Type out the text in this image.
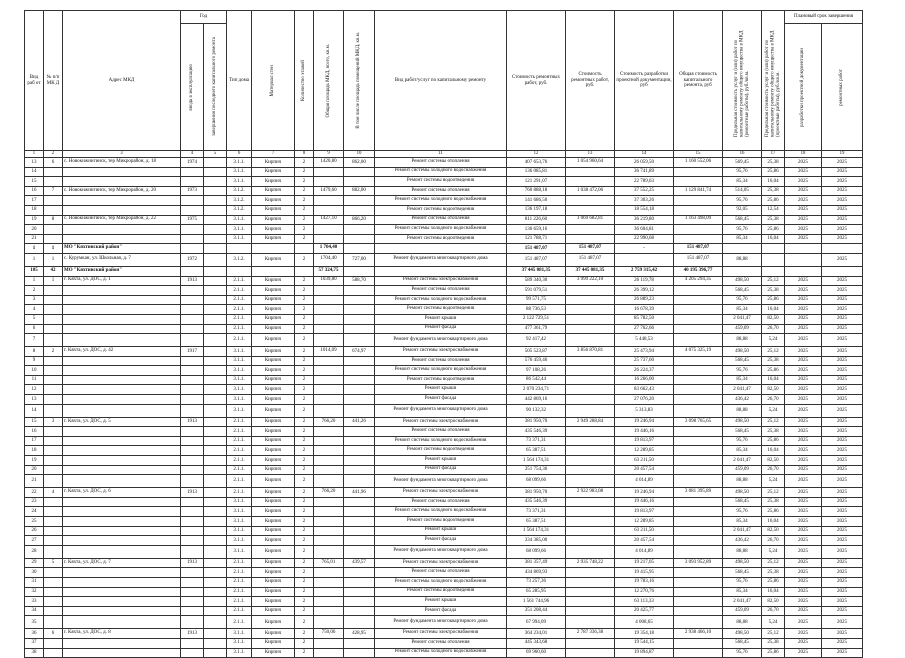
Вид раб от	№ п/п МК Д	Адрес МКД	Год		Тип дома	Материал стен	Количество этажей	Общая площадь МКД, всего, кв.м.	В том числе площадь помещений МКД, кв.м.	Вид работ/услуг по капитальному ремонту	Стоимость ремонтных работ, руб.	Стоимость ремонтных работ, руб.	Стоимость разработки проектной документации, руб	Общая стоимость капитального ремонта, руб	Предельная стоимость услуг и (или) работ по капитальному ремонту общего имущества в МКД (ремонтные работы), руб./кв.м.	Предельная стоимость услуг и (или) работ по капитальному ремонту общего имущества в МКД (проектные работы), руб./кв.м.	Плановый срок завершения	

			ввода в эксплуатацию	завершения последнего капитального ремонта													разработки проектной документации	ремонтных работ

1	2	3	4	5	6	7	8	9	10	11	12	13	14	15	16	17	18	19
13	6	с. Новокижингинск, тер Микрорайон, д. 18	1974		3.1.1.	Кирпич	2	1420,80	862,00	Ремонт системы отопления	407 653,76	1 054 960,64	26 059,50	1 160 552,06	569,45	25,38	2025	2025
14					3.1.1.	Кирпич	2			Ремонт системы холодного водоснабжения	136 085,81		36 741,89		95,76	25,86	2025	2025
15					3.1.1.	Кирпич	2			Ремонт системы водоотведения	121 291,07		22 789,63		85,34	16,04	2025	2025
16	7	с. Новокижингинск, тер Микрорайон, д. 20	1973		3.1.2.	Кирпич	2	1479,60	882,00	Ремонт системы отопления	760 888,18	1 038 472,06	37 552,25	1 129 841,74	514,05	25,38	2025	2025
17					3.1.2.	Кирпич	2			Ремонт системы холодного водоснабжения	141 686,50		37 303,26		95,76	25,86	2025	2025
18					3.1.2.	Кирпич	2			Ремонт системы водоотведения	136 197,18		18 554,18		92,05	12,54	2025	2025
19	8	с. Новокижингинск, тер Микрорайон, д. 22	1975		3.1.1.	Кирпич	2	1427,10	866,20	Ремонт системы отопления	811 226,60	1 069 682,81	36 219,80	1 163 498,09	568,45	25,38	2025	2025
20					3.1.1.	Кирпич	2			Ремонт системы холодного водоснабжения	136 659,16		36 604,81		95,76	25,86	2025	2025
21					3.1.1.	Кирпич	2			Ремонт системы водоотведения	121 788,71		22 990,68		85,34	16,04	2025	2025
1	1	МО "Кяхтинский район"						1 704,40			151 487,07	151 487,07	-	151 487,07				
1	1	с. Курумкан, ул. Школьная, д. 7	1972		3.1.2.	Кирпич	2	1704,40	727,00	Ремонт фундамента многоквартирного дома	151 487,07	151 487,07		151 487,07	88,88			2025
105	42	МО "Кяхтинский район"						57 324,75			37 445 081,35	37 445 081,35	2 759 315,42	40 195 396,77				
1	1	г. Кяхта, ул. ДОС, д. 1	1913		2.1.1.	Кирпич	2	1039,80	588,70	Ремонт системы электроснабжения	589 340,30	3 999 222,10	26 119,78	4 205 294,35	498,50	25,12	2025	2025
2					2.1.1.	Кирпич	2			Ремонт системы отопления	591 079,51		26 399,12		568,45	25,38	2025	2025
3					2.1.1.	Кирпич	2			Ремонт системы холодного водоснабжения	99 571,75		26 889,23		95,76	25,86	2025	2025
4					2.1.1.	Кирпич	2			Ремонт системы водоотведения	88 736,53		16 678,39		85,34	16,04	2025	2025
5					2.1.1.	Кирпич	2			Ремонт крыши	2 122 729,51		85 782,50		2 041,47	82,50	2025	2025
6					2.1.1.	Кирпич	2			Ремонт фасада	477 361,79		27 762,66		459,09	26,70	2025	2025
7					2.1.1.	Кирпич	2			Ремонт фундамента многоквартирного дома	92 417,42		5 448,53		88,88	5,24	2025	2025
8	2	г. Кяхта, ул. ДОС, д. 42	1917		3.1.1.	Кирпич	2	1014,09	674,97	Ремонт системы электроснабжения	505 523,87	3 856 870,81	25 473,94	4 075 325,19	498,50	25,12	2025	2025
9					3.1.1.	Кирпич	2			Ремонт системы отопления	576 459,46		25 737,60		568,45	25,38	2025	2025
10					3.1.1.	Кирпич	2			Ремонт системы холодного водоснабжения	97 108,26		26 224,37		95,76	25,86	2025	2025
11					3.1.1.	Кирпич	2			Ремонт системы водоотведения	86 542,44		16 266,00		85,34	16,04	2025	2025
12					3.1.1.	Кирпич	2			Ремонт крыши	2 070 234,71		83 662,43		2 041,47	82,50	2025	2025
13					3.1.1.	Кирпич	2			Ремонт фасада	442 869,16		27 076,20		436,42	26,70	2025	2025
14					3.1.1.	Кирпич	2			Ремонт фундамента многоквартирного дома	90 132,32		5 313,83		88,88	5,24	2025	2025
15	3	г. Кяхта, ул. ДОС, д. 5	1913		2.1.1.	Кирпич	2	766,20	441,26	Ремонт системы электроснабжения	381 950,70	2 949 288,84	19 246,94	3 098 765,65	498,50	25,12	2025	2025
16					2.1.1.	Кирпич	2			Ремонт системы отопления	435 546,39		19 446,16		568,45	25,38	2025	2025
17					2.1.1.	Кирпич	2			Ремонт системы холодного водоснабжения	73 371,31		19 813,97		95,76	25,86	2025	2025
18					2.1.1.	Кирпич	2			Ремонт системы водоотведения	65 387,51		12 289,85		85,34	16,04	2025	2025
19					2.1.1.	Кирпич	2			Ремонт крыши	1 564 174,31		63 211,50		2 041,47	82,50	2025	2025
20					2.1.1.	Кирпич	2			Ремонт фасада	351 754,36		20 457,54		459,09	26,70	2025	2025
21					2.1.1.	Кирпич	2			Ремонт фундамента многоквартирного дома	68 099,66		4 014,89		88,88	5,24	2025	2025
22	4	г. Кяхта, ул. ДОС, д. 6	1913		2.1.1.	Кирпич	2	766,20	441,96	Ремонт системы электроснабжения	381 950,70	2 922 983,08	19 246,94	3 081 395,89	498,50	25,12	2025	2025
23					3.1.1.	Кирпич	2			Ремонт системы отопления	435 546,39		19 446,16		568,45	25,38	2025	2025
24					3.1.1.	Кирпич	2			Ремонт системы холодного водоснабжения	73 371,31		19 813,97		95,76	25,86	2025	2025
25					3.1.1.	Кирпич	2			Ремонт системы водоотведения	65 387,51		12 289,85		85,34	16,04	2025	2025
26					3.1.1.	Кирпич	2			Ремонт крыши	1 564 174,31		63 211,50		2 041,47	82,50	2025	2025
27					3.1.1.	Кирпич	2			Ремонт фасада	334 385,00		20 457,54		436,42	26,70	2025	2025
28					3.1.1.	Кирпич	2			Ремонт фундамента многоквартирного дома	68 099,66		4 014,89		88,88	5,24	2025	2025
29	5	г. Кяхта, ул. ДОС, д. 7	1913		2.1.1.	Кирпич	2	765,01	439,57	Ремонт системы электроснабжения	381 357,49	2 935 748,22	19 217,05	3 093 952,89	498,50	25,12	2025	2025
30					2.1.1.	Кирпич	2			Ремонт системы отопления	434 869,93		19 415,95		568,45	25,38	2025	2025
31					2.1.1.	Кирпич	2			Ремонт системы холодного водоснабжения	73 257,36		19 783,16		95,76	25,86	2025	2025
32					2.1.1.	Кирпич	2			Ремонт системы водоотведения	65 285,95		12 270,76		85,34	16,04	2025	2025
33					2.1.1.	Кирпич	2			Ремонт крыши	1 561 744,96		63 113,33		2 041,47	82,50	2025	2025
34					2.1.1.	Кирпич	2			Ремонт фасада	351 208,44		20 425,77		459,09	26,70	2025	2025
35					2.1.1.	Кирпич	2			Ремонт фундамента многоквартирного дома	67 994,09		4 008,65		88,88	5,24	2025	2025
36	6	г. Кяхта, ул. ДОС, д. 8	1913		3.1.1.	Кирпич	2	750,06	428,95	Ремонт системы электроснабжения	364 234,01	2 787 336,38	19 354,18	2 938 466,10	498,50	25,12	2025	2025
37					3.1.1.	Кирпич	2			Ремонт системы отопления	445 343,68		19 544,15		568,45	25,38	2025	2025
38					3.1.1.	Кирпич	2			Ремонт системы холодного водоснабжения	69 960,60		19 894,87		95,76	25,86	2025	2025
